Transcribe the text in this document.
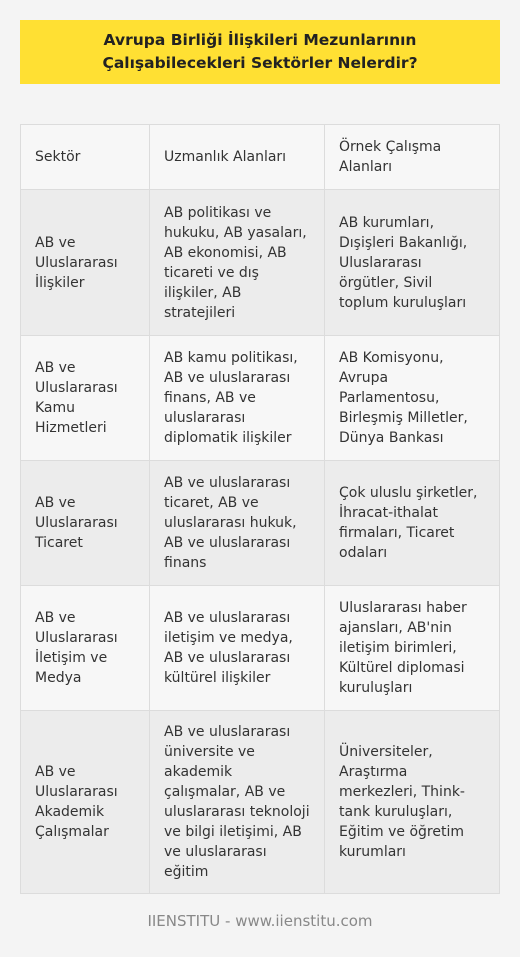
Avrupa Birliği İlişkileri Mezunlarının Çalışabilecekleri Sektörler Nelerdir?
Sektör	Uzmanlık Alanları
Örnek Çalışma Alanları
AB ve Uluslararası İlişkiler
AB politikası ve hukuku, AB yasaları, AB ekonomisi, AB ticareti ve dış ilişkiler, AB stratejileri
AB kurumları, Dışişleri Bakanlığı, Uluslararası örgütler, Sivil toplum kuruluşları
AB ve Uluslararası Kamu Hizmetleri
AB kamu politikası, AB ve uluslararası finans, AB ve uluslararası diplomatik ilişkiler
AB Komisyonu, Avrupa Parlamentosu, Birleşmiş Milletler, Dünya Bankası
AB ve Uluslararası Ticaret
AB ve uluslararası ticaret, AB ve uluslararası hukuk, AB ve uluslararası finans
Çok uluslu şirketler, İhracat-ithalat firmaları, Ticaret odaları
AB ve Uluslararası İletişim ve Medya
AB ve uluslararası iletişim ve medya, AB ve uluslararası kültürel ilişkiler
Uluslararası haber ajansları, AB'nin iletişim birimleri, Kültürel diplomasi kuruluşları
AB ve Uluslararası Akademik Çalışmalar
AB ve uluslararası üniversite ve akademik çalışmalar, AB ve uluslararası teknoloji ve bilgi iletişimi, AB ve uluslararası eğitim
Üniversiteler, Araştırma merkezleri, Think-tank kuruluşları, Eğitim ve öğretim kurumları
IIENSTITU - www.iienstitu.com
